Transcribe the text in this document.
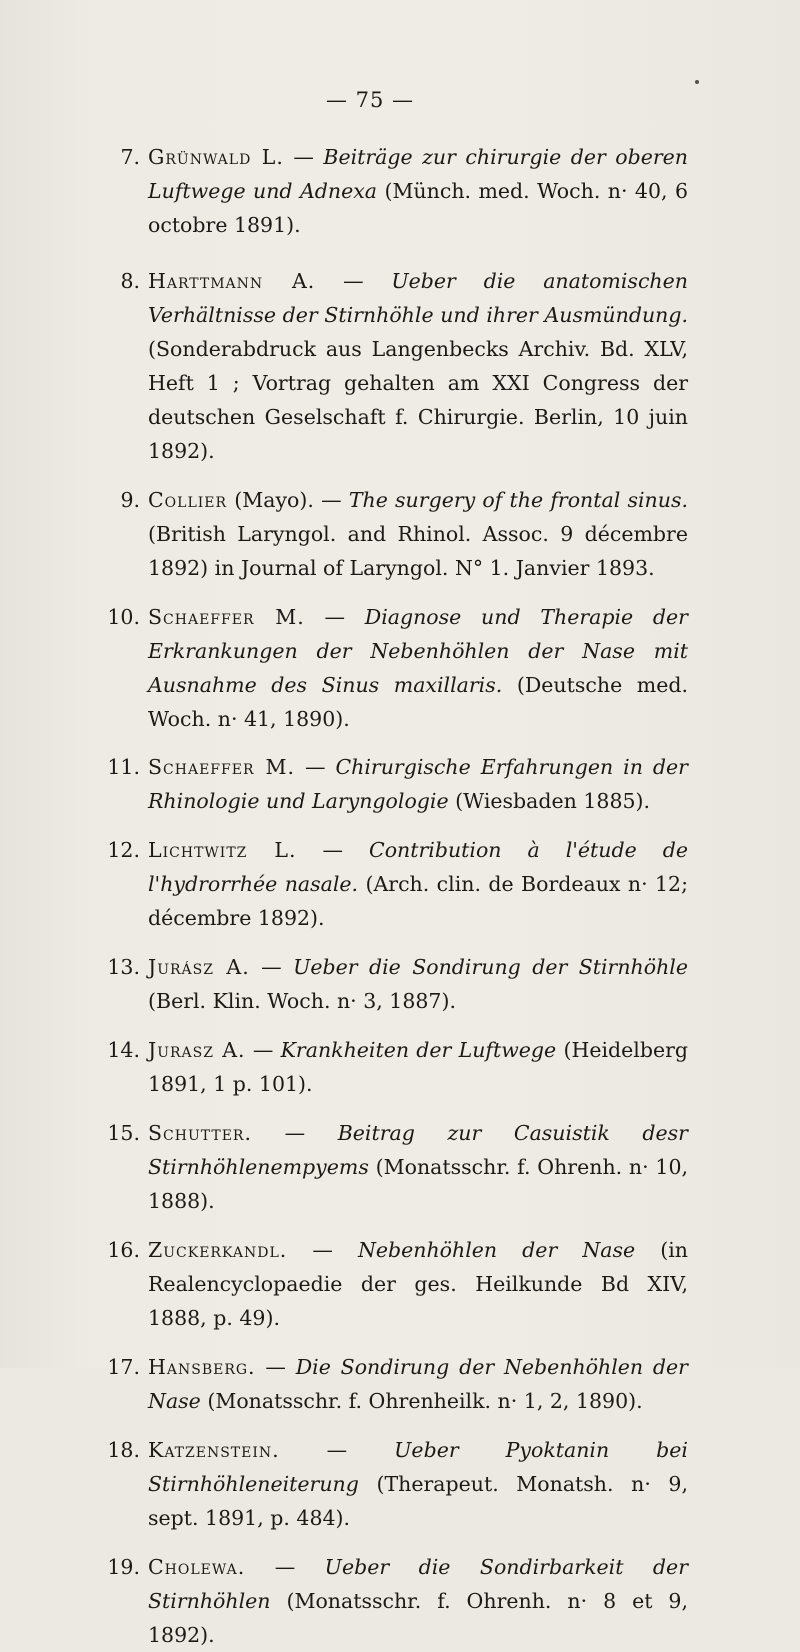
— 75 —
7. Grünwald L. — Beiträge zur chirurgie der oberen Luftwege und Adnexa (Münch. med. Woch. n· 40, 6 octobre 1891).
8. Harttmann A. — Ueber die anatomischen Verhältnisse der Stirnhöhle und ihrer Ausmündung. (Sonderabdruck aus Langenbecks Archiv. Bd. XLV, Heft 1 ; Vortrag gehalten am XXI Congress der deutschen Geselschaft f. Chirurgie. Berlin, 10 juin 1892).
9. Collier (Mayo). — The surgery of the frontal sinus. (British Laryngol. and Rhinol. Assoc. 9 décembre 1892) in Journal of Laryngol. N° 1. Janvier 1893.
10. Schaeffer M. — Diagnose und Therapie der Erkrankungen der Nebenhöhlen der Nase mit Ausnahme des Sinus maxillaris. (Deutsche med. Woch. n· 41, 1890).
11. Schaeffer M. — Chirurgische Erfahrungen in der Rhinologie und Laryngologie (Wiesbaden 1885).
12. Lichtwitz L. — Contribution à l'étude de l'hydrorrhée nasale. (Arch. clin. de Bordeaux n· 12; décembre 1892).
13. Jurász A. — Ueber die Sondirung der Stirnhöhle (Berl. Klin. Woch. n· 3, 1887).
14. Jurasz A. — Krankheiten der Luftwege (Heidelberg 1891, 1 p. 101).
15. Schutter. — Beitrag zur Casuistik desr Stirnhöhlenempyems (Monatsschr. f. Ohrenh. n· 10, 1888).
16. Zuckerkandl. — Nebenhöhlen der Nase (in Realencyclopaedie der ges. Heilkunde Bd XIV, 1888, p. 49).
17. Hansberg. — Die Sondirung der Nebenhöhlen der Nase (Monatsschr. f. Ohrenheilk. n· 1, 2, 1890).
18. Katzenstein. — Ueber Pyoktanin bei Stirnhöhleneiterung (Therapeut. Monatsh. n· 9, sept. 1891, p. 484).
19. Cholewa. — Ueber die Sondirbarkeit der Stirnhöhlen (Monatsschr. f. Ohrenh. n· 8 et 9, 1892).
